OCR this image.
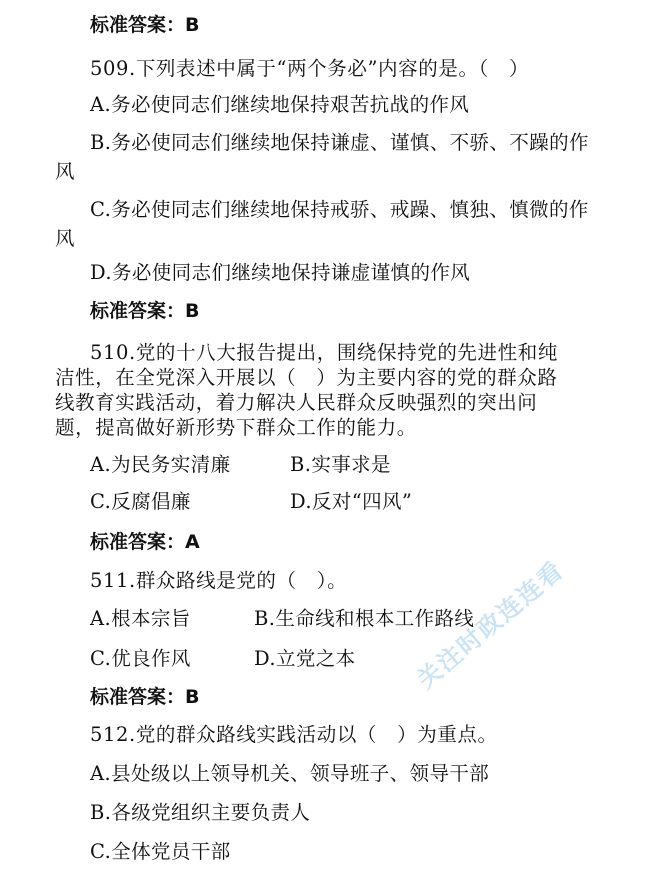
标准答案：B
509.下列表述中属于“两个务必”内容的是。（　）
A.务必使同志们继续地保持艰苦抗战的作风
B.务必使同志们继续地保持谦虚、谨慎、不骄、不躁的作
风
C.务必使同志们继续地保持戒骄、戒躁、慎独、慎微的作
风
D.务必使同志们继续地保持谦虚谨慎的作风
标准答案：B
510.党的十八大报告提出，围绕保持党的先进性和纯
洁性，在全党深入开展以（　）为主要内容的党的群众路
线教育实践活动，着力解决人民群众反映强烈的突出问
题，提高做好新形势下群众工作的能力。
A.为民务实清廉	B.实事求是
C.反腐倡廉	D.反对“四风”
标准答案：A
511.群众路线是党的（　）。
A.根本宗旨	B.生命线和根本工作路线
C.优良作风	D.立党之本
标准答案：B
512.党的群众路线实践活动以（　）为重点。
A.县处级以上领导机关、领导班子、领导干部
B.各级党组织主要负责人
C.全体党员干部
关注时政连连看
